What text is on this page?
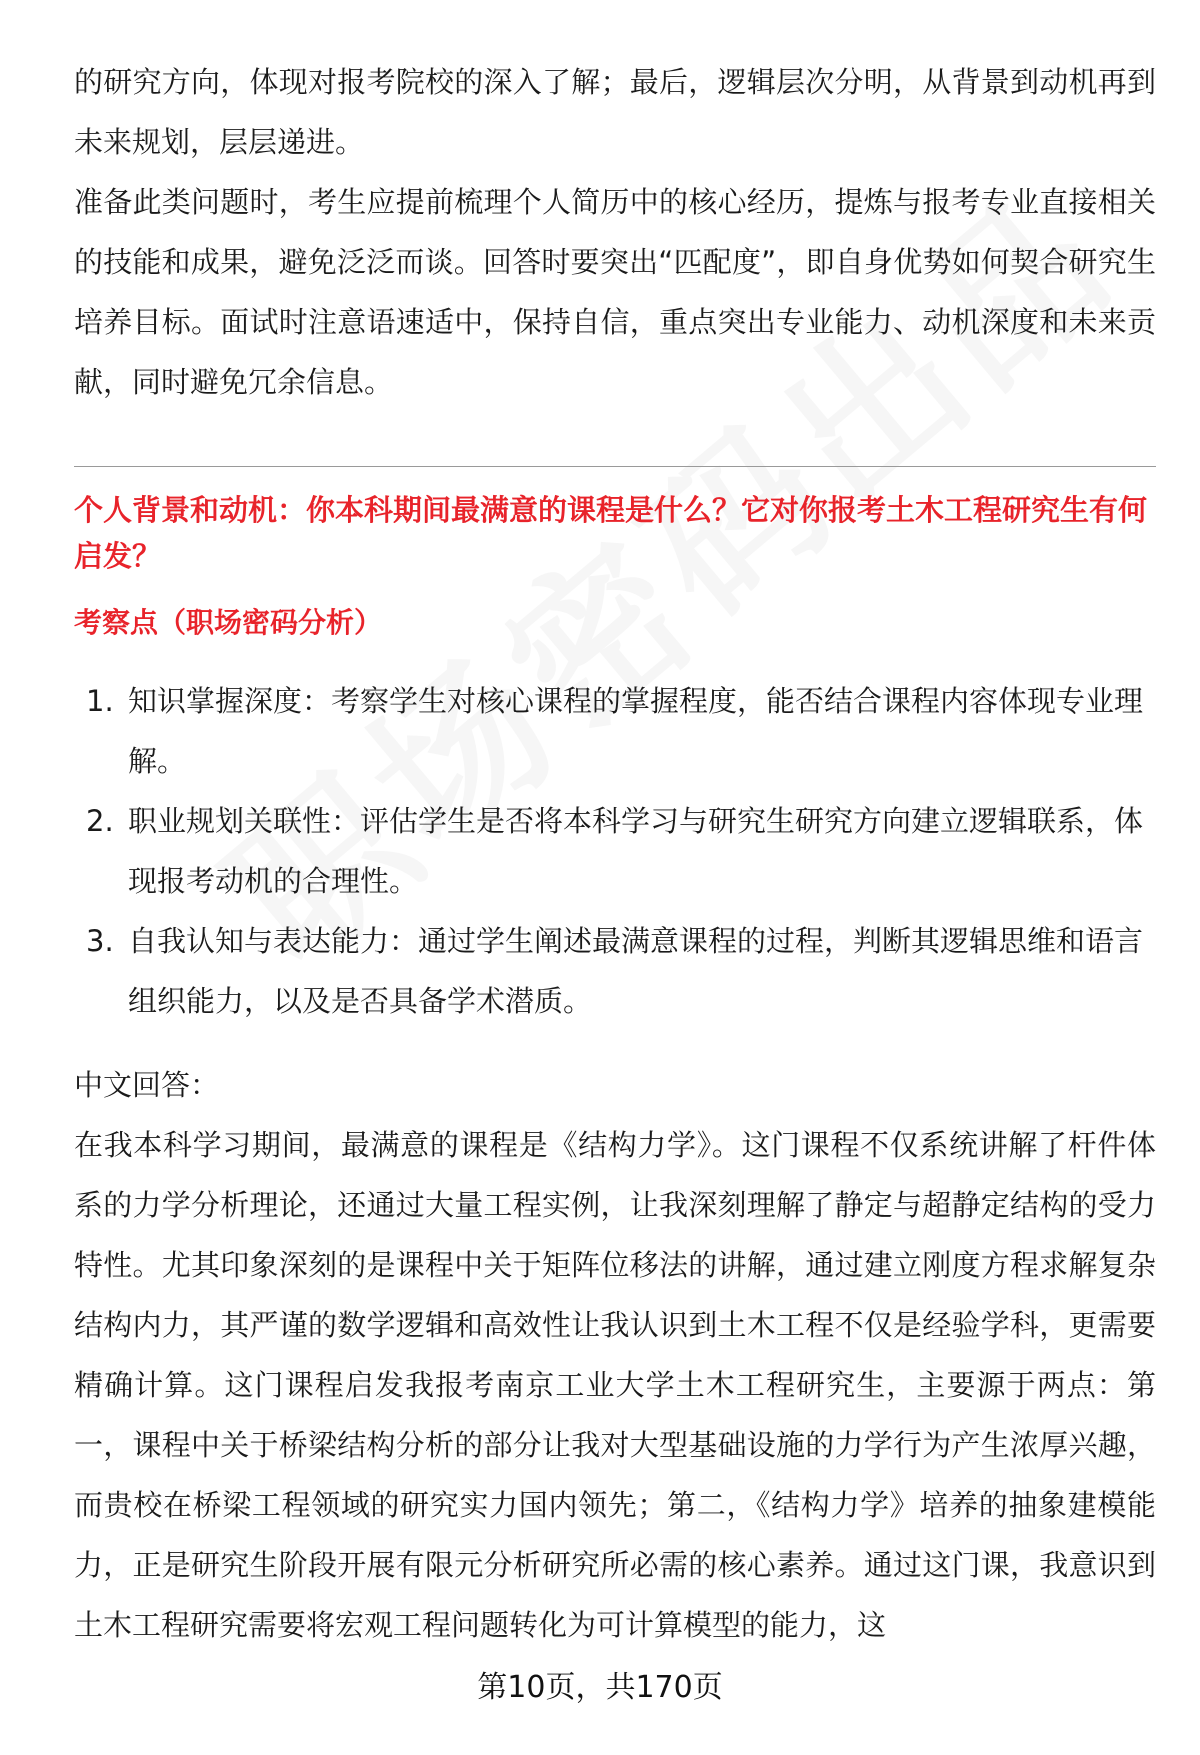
的研究方向，体现对报考院校的深入了解；最后，逻辑层次分明，从背景到动机再到未来规划，层层递进。

准备此类问题时，考生应提前梳理个人简历中的核心经历，提炼与报考专业直接相关的技能和成果，避免泛泛而谈。回答时要突出“匹配度”，即自身优势如何契合研究生培养目标。面试时注意语速适中，保持自信，重点突出专业能力、动机深度和未来贡献，同时避免冗余信息。

个人背景和动机：你本科期间最满意的课程是什么？它对你报考土木工程研究生有何启发？

考察点（职场密码分析）

1. 知识掌握深度：考察学生对核心课程的掌握程度，能否结合课程内容体现专业理解。
2. 职业规划关联性：评估学生是否将本科学习与研究生研究方向建立逻辑联系，体现报考动机的合理性。
3. 自我认知与表达能力：通过学生阐述最满意课程的过程，判断其逻辑思维和语言组织能力，以及是否具备学术潜质。

中文回答：

在我本科学习期间，最满意的课程是《结构力学》。这门课程不仅系统讲解了杆件体系的力学分析理论，还通过大量工程实例，让我深刻理解了静定与超静定结构的受力特性。尤其印象深刻的是课程中关于矩阵位移法的讲解，通过建立刚度方程求解复杂结构内力，其严谨的数学逻辑和高效性让我认识到土木工程不仅是经验学科，更需要精确计算。这门课程启发我报考南京工业大学土木工程研究生，主要源于两点：第一，课程中关于桥梁结构分析的部分让我对大型基础设施的力学行为产生浓厚兴趣，而贵校在桥梁工程领域的研究实力国内领先；第二，《结构力学》培养的抽象建模能力，正是研究生阶段开展有限元分析研究所必需的核心素养。通过这门课，我意识到土木工程研究需要将宏观工程问题转化为可计算模型的能力，这

第10页，共170页
